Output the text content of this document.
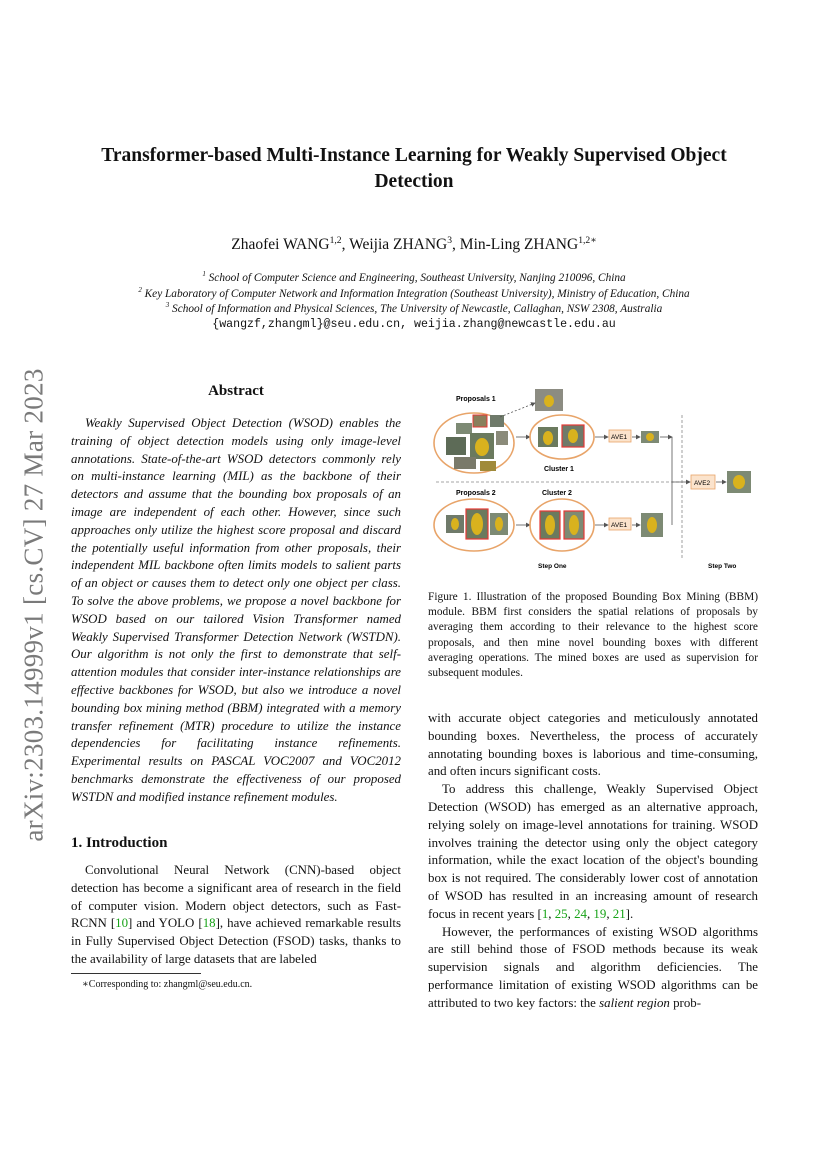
arXiv:2303.14999v1 [cs.CV] 27 Mar 2023
Transformer-based Multi-Instance Learning for Weakly Supervised Object Detection
Zhaofei WANG$^{1,2}$, Weijia ZHANG$^3$, Min-Ling $ZHANG^{1,2∗}$
$^1$ School of Computer Science and Engineering, Southeast University, Nanjing 210096, China
$^2$ Key Laboratory of Computer Network and Information Integration (Southeast University), Ministry of Education, China
$^3$ School of Information and Physical Sciences, The University of Newcastle, Callaghan, NSW 2308, Australia
{wangzf,zhangml}@seu.edu.cn, weijia.zhang@newcastle.edu.au
Abstract
Weakly Supervised Object Detection (WSOD) enables the training of object detection models using only image-level annotations. State-of-the-art WSOD detectors commonly rely on multi-instance learning (MIL) as the backbone of their detectors and assume that the bounding box proposals of an image are independent of each other. However, since such approaches only utilize the highest score proposal and discard the potentially useful information from other proposals, their independent MIL backbone often limits models to salient parts of an object or causes them to detect only one object per class. To solve the above problems, we propose a novel backbone for WSOD based on our tailored Vision Transformer named Weakly Supervised Transformer Detection Network (WSTDN). Our algorithm is not only the first to demonstrate that self-attention modules that consider inter-instance relationships are effective backbones for WSOD, but also we introduce a novel bounding box mining method (BBM) integrated with a memory transfer refinement (MTR) procedure to utilize the instance dependencies for facilitating instance refinements. Experimental results on PASCAL VOC2007 and VOC2012 benchmarks demonstrate the effectiveness of our proposed WSTDN and modified instance refinement modules.
1. Introduction
Convolutional Neural Network (CNN)-based object detection has become a significant area of research in the field of computer vision. Modern object detectors, such as Fast-RCNN [10] and YOLO [18], have achieved remarkable results in Fully Supervised Object Detection (FSOD) tasks, thanks to the availability of large datasets that are labeled
∗Corresponding to: zhangml@seu.edu.cn.

with accurate object categories and meticulously annotated bounding boxes. Nevertheless, the process of accurately annotating bounding boxes is laborious and time-consuming, and often incurs significant costs.

To address this challenge, Weakly Supervised Object Detection (WSOD) has emerged as an alternative approach, relying solely on image-level annotations for training. WSOD involves training the detector using only the object category information, while the exact location of the object's bounding box is not required. The considerably lower cost of annotation of WSOD has resulted in an increasing amount of research focus in recent years [1, 25, 24, 19, 21].

However, the performances of existing WSOD algorithms are still behind those of FSOD methods because its weak supervision signals and algorithm deficiencies. The performance limitation of existing WSOD algorithms can be attributed to two key factors: the salient region prob-

Proposals 1
Cluster 1
AVE1
AVE2
Proposals 2	Cluster 2
AVE1
Step One	Step Two
Figure 1. Illustration of the proposed Bounding Box Mining (BBM) module. BBM first considers the spatial relations of proposals by averaging them according to their relevance to the highest score proposals, and then mine novel bounding boxes with different averaging operations. The mined boxes are used as supervision for subsequent modules.
